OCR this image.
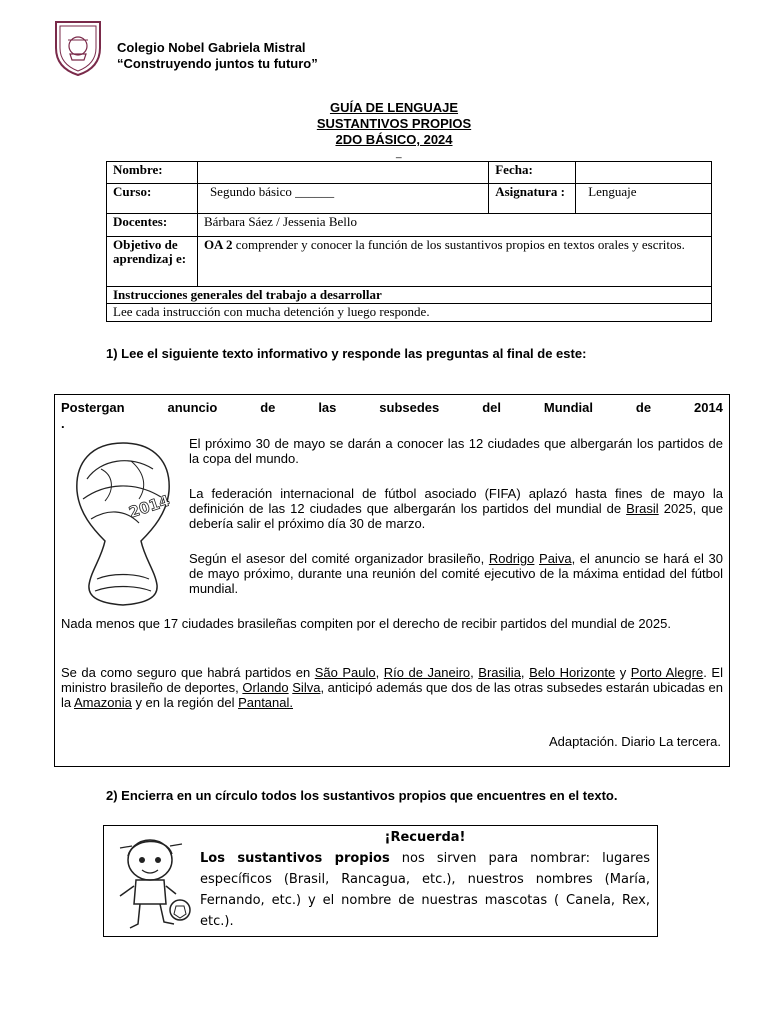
Colegio Nobel Gabriela Mistral
“Construyendo juntos tu futuro”
GUÍA DE LENGUAJE
SUSTANTIVOS PROPIOS
2DO BÁSICO, 2024
_
Nombre:		Fecha:	
Curso:	Segundo básico ______	Asignatura :	Lenguaje
Docentes:	Bárbara Sáez / Jessenia Bello		
Objetivo de aprendizaj e:	OA 2 comprender y conocer la función de los sustantivos propios en textos orales y escritos.		
Instrucciones generales del trabajo a desarrollar			
Lee cada instrucción con mucha detención y luego responde.			
1) Lee el siguiente texto informativo y responde las preguntas al final de este:
Postergan	anuncio	de	las	subsedes	del	Mundial	de	2014
.
2014
El próximo 30 de mayo se darán a conocer las 12 ciudades que albergarán los partidos de la copa del mundo.
La federación internacional de fútbol asociado (FIFA) aplazó hasta fines de mayo la definición de las 12 ciudades que albergarán los partidos del mundial de Brasil 2025, que debería salir el próximo día 30 de marzo.
Según el asesor del comité organizador brasileño, Rodrigo Paiva, el anuncio se hará el 30 de mayo próximo, durante una reunión del comité ejecutivo de la máxima entidad del fútbol mundial.
Nada menos que 17 ciudades brasileñas compiten por el derecho de recibir partidos del mundial de 2025.
Se da como seguro que habrá partidos en São Paulo, Río de Janeiro, Brasilia, Belo Horizonte y Porto Alegre. El ministro brasileño de deportes, Orlando Silva, anticipó además que dos de las otras subsedes estarán ubicadas en la Amazonia y en la región del Pantanal.
Adaptación. Diario La tercera.
2) Encierra en un círculo todos los sustantivos propios que encuentres en el texto.
¡Recuerda!
Los sustantivos propios nos sirven para nombrar: lugares específicos (Brasil, Rancagua, etc.), nuestros nombres (María, Fernando, etc.) y el nombre de nuestras mascotas ( Canela, Rex, etc.).
